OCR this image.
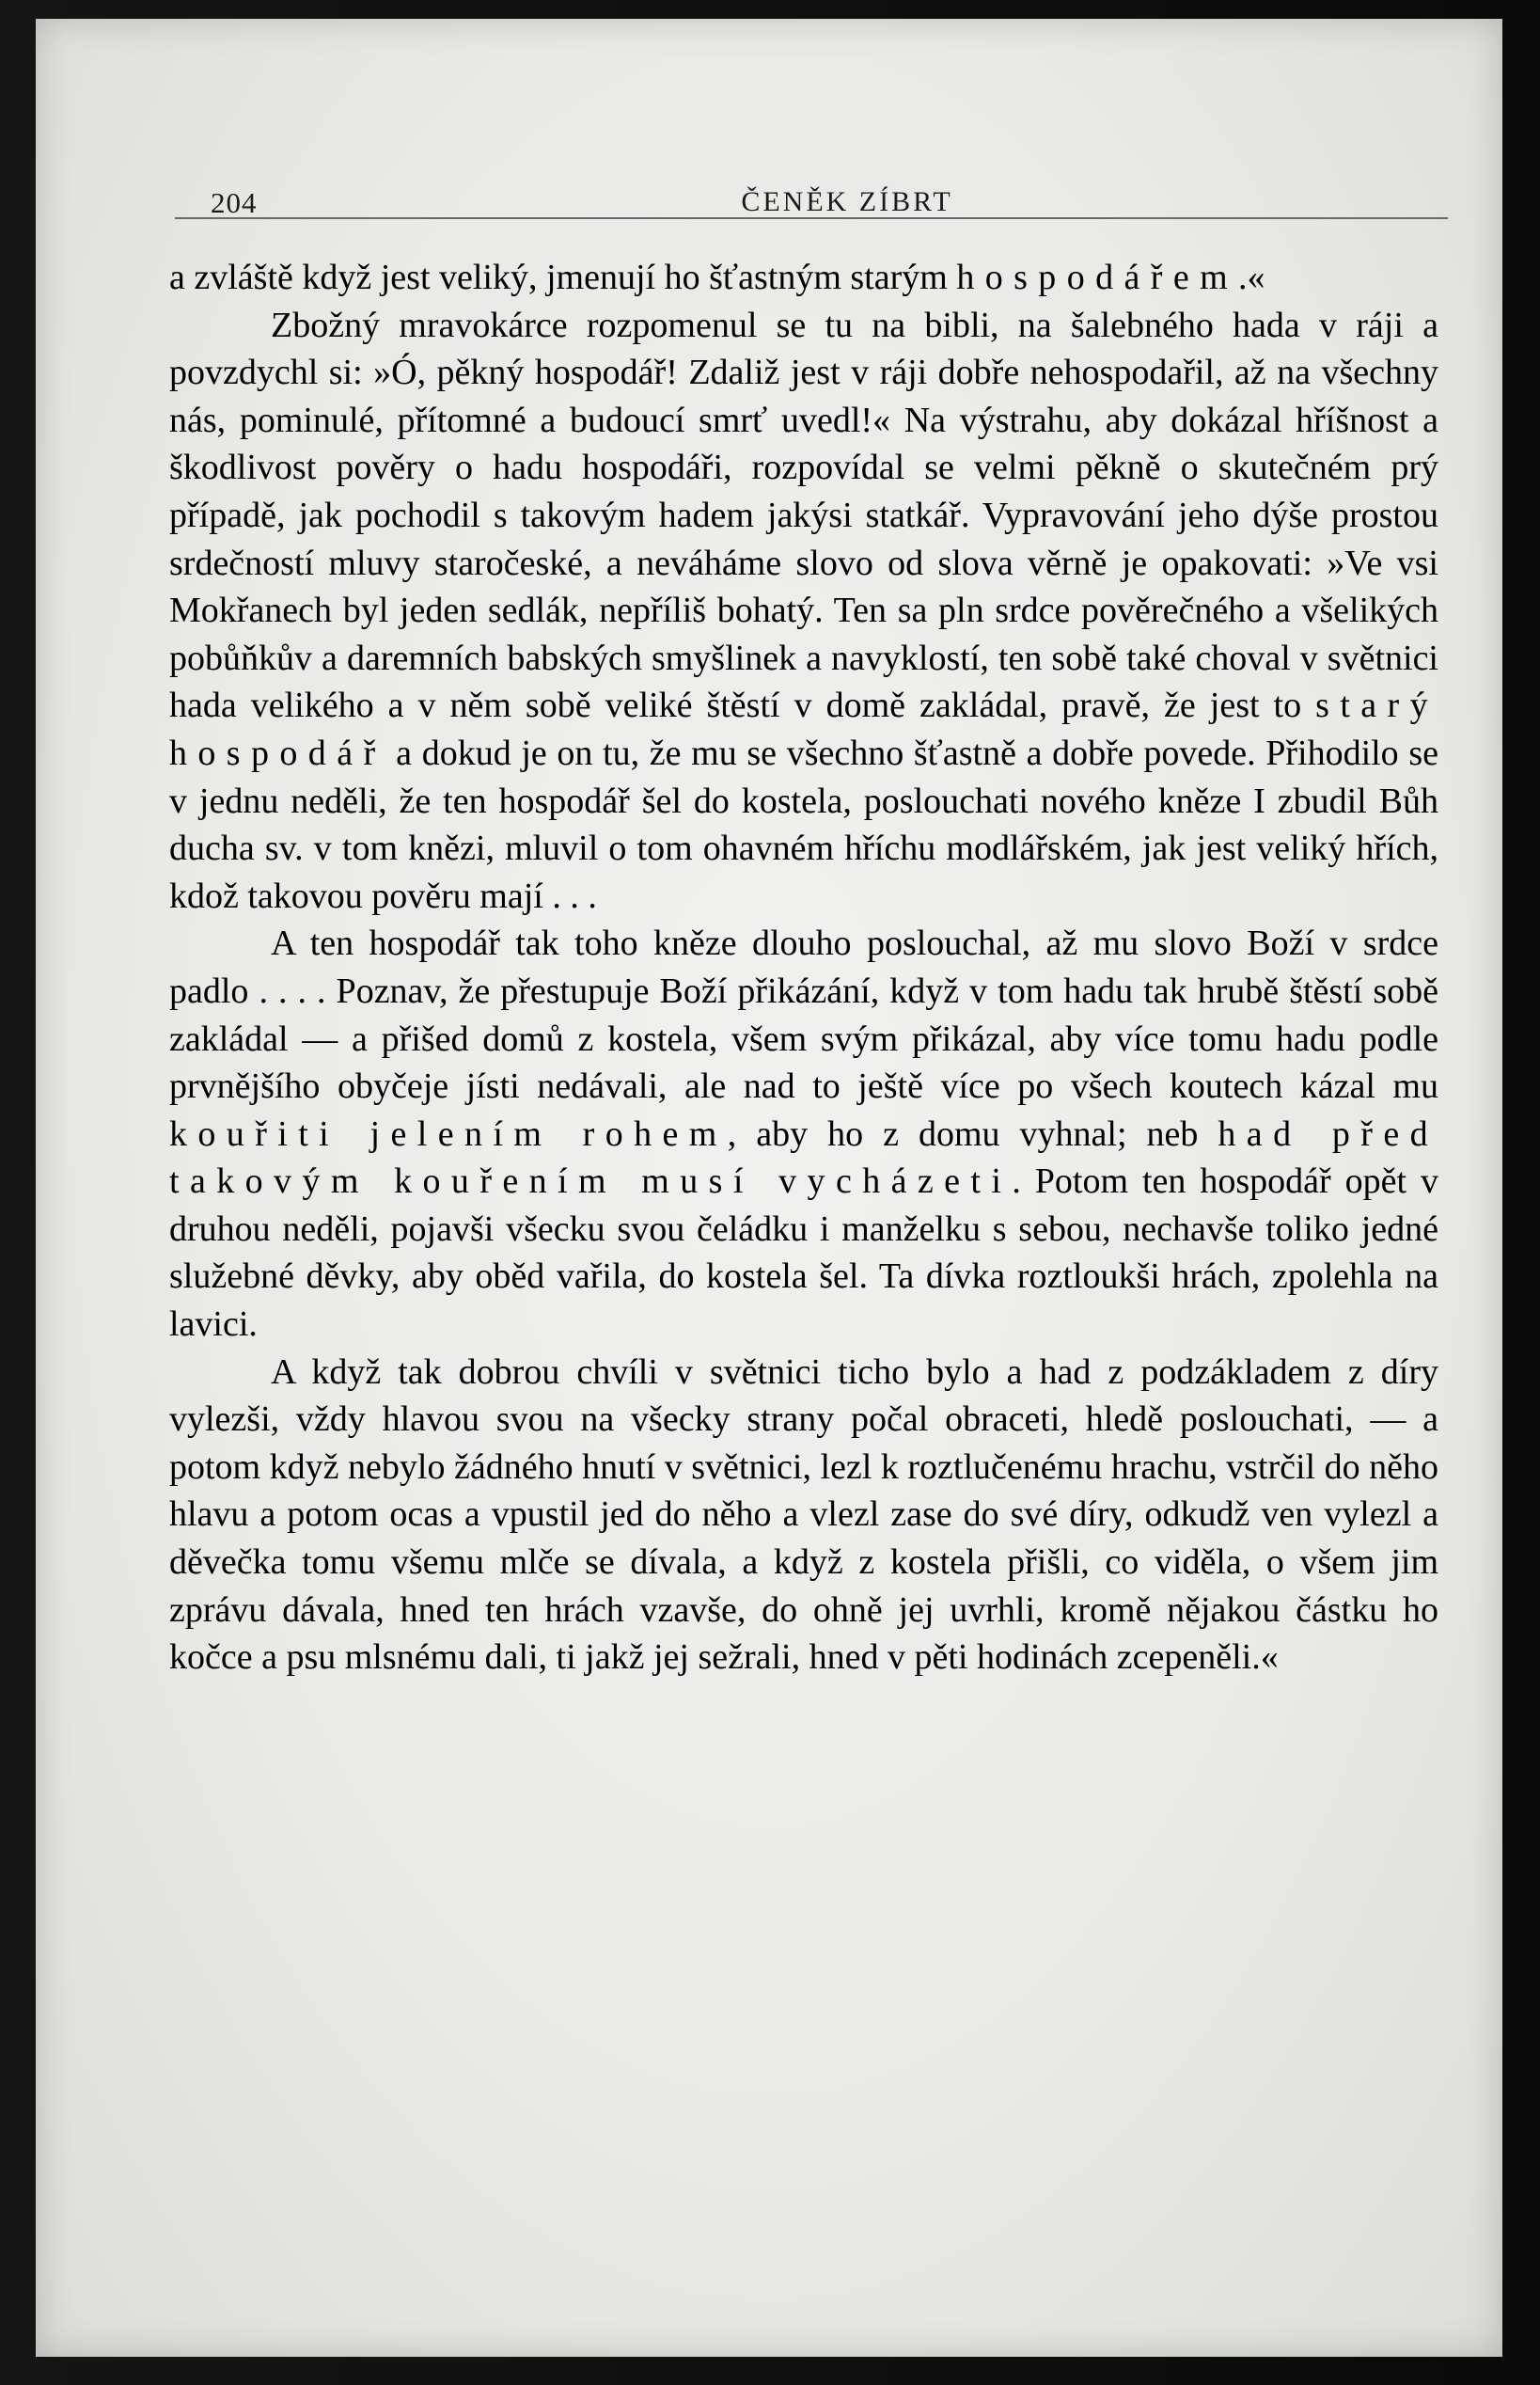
204	ČENĚK ZÍBRT

a zvláště když jest veliký, jmenují ho šťastným starým hospodářem.«

Zbožný mravokárce rozpomenul se tu na bibli, na šalebného hada v ráji a povzdychl si: »Ó, pěkný hospodář! Zdaliž jest v ráji dobře nehospodařil, až na všechny nás, pominulé, přítomné a budoucí smrť uvedl!« Na výstrahu, aby dokázal hříšnost a škodlivost pověry o hadu hospodáři, rozpovídal se velmi pěkně o skutečném prý případě, jak pochodil s takovým hadem jakýsi statkář. Vypravování jeho dýše prostou srdečností mluvy staročeské, a neváháme slovo od slova věrně je opakovati: »Ve vsi Mokřanech byl jeden sedlák, nepříliš bohatý. Ten sa pln srdce pověrečného a všelikých pobůňkův a daremních babských smyšlinek a navyklostí, ten sobě také choval v světnici hada velikého a v něm sobě veliké štěstí v domě zakládal, pravě, že jest to starý hospodář a dokud je on tu, že mu se všechno šťastně a dobře povede. Přihodilo se v jednu neděli, že ten hospodář šel do kostela, poslouchati nového kněze I zbudil Bůh ducha sv. v tom knězi, mluvil o tom ohavném hříchu modlářském, jak jest veliký hřích, kdož takovou pověru mají . . .

A ten hospodář tak toho kněze dlouho poslouchal, až mu slovo Boží v srdce padlo . . . . Poznav, že přestupuje Boží přikázání, když v tom hadu tak hrubě štěstí sobě zakládal — a přišed domů z kostela, všem svým přikázal, aby více tomu hadu podle prvnějšího obyčeje jísti nedávali, ale nad to ještě více po všech koutech kázal mu kouřiti jelením rohem, aby ho z domu vyhnal; neb had před takovým kouřením musí vycházeti. Potom ten hospodář opět v druhou neděli, pojavši všecku svou čeládku i manželku s sebou, nechavše toliko jedné služebné děvky, aby oběd vařila, do kostela šel. Ta dívka roztloukši hrách, zpolehla na lavici.

A když tak dobrou chvíli v světnici ticho bylo a had z podzákladem z díry vylezši, vždy hlavou svou na všecky strany počal obraceti, hledě poslouchati, — a potom když nebylo žádného hnutí v světnici, lezl k roztlučenému hrachu, vstrčil do něho hlavu a potom ocas a vpustil jed do něho a vlezl zase do své díry, odkudž ven vylezl a děvečka tomu všemu mlče se dívala, a když z kostela přišli, co viděla, o všem jim zprávu dávala, hned ten hrách vzavše, do ohně jej uvrhli, kromě nějakou částku ho kočce a psu mlsnému dali, ti jakž jej sežrali, hned v pěti hodinách zcepeněli.«
